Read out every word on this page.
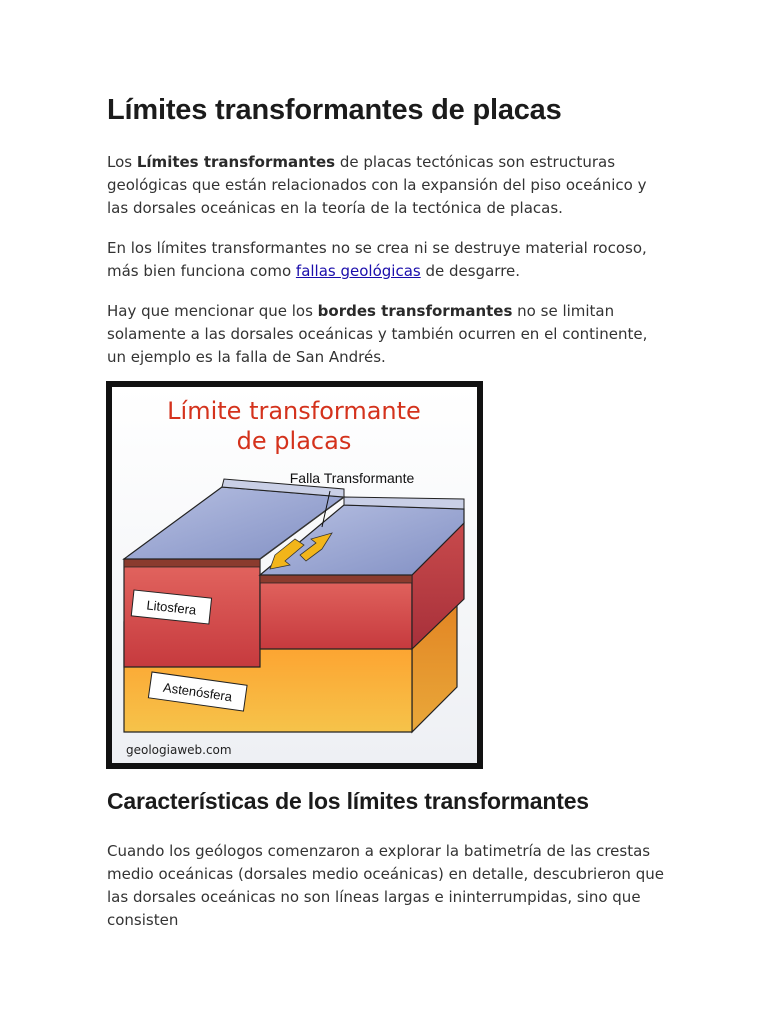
Límites transformantes de placas

Los Límites transformantes de placas tectónicas son estructuras geológicas que están relacionados con la expansión del piso oceánico y las dorsales oceánicas en la teoría de la tectónica de placas.

En los límites transformantes no se crea ni se destruye material rocoso, más bien funciona como fallas geológicas de desgarre.

Hay que mencionar que los bordes transformantes no se limitan solamente a las dorsales oceánicas y también ocurren en el continente, un ejemplo es la falla de San Andrés.

Límite transformante
de placas
Falla Transformante
Litosfera
Astenósfera
geologiaweb.com
Características de los límites transformantes

Cuando los geólogos comenzaron a explorar la batimetría de las crestas medio oceánicas (dorsales medio oceánicas) en detalle, descubrieron que las dorsales oceánicas no son líneas largas e ininterrumpidas, sino que consisten
